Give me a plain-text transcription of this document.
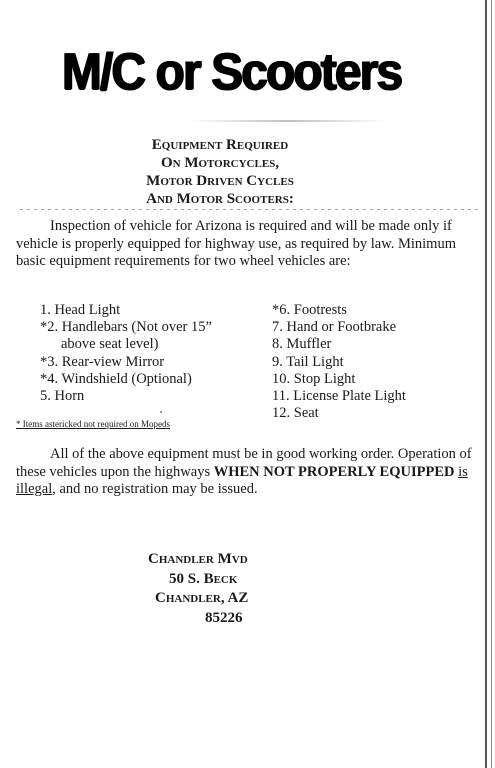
M/C or Scooters
Equipment Required
On Motorcycles,
Motor Driven Cycles
And Motor Scooters:

Inspection of vehicle for Arizona is required and will be made only if vehicle is properly equipped for highway use, as required by law. Minimum basic equipment requirements for two wheel vehicles are:

1. Head Light
*2. Handlebars (Not over 15”
above seat level)
*3. Rear-view Mirror
*4. Windshield (Optional)
5. Horn
*6. Footrests
7. Hand or Footbrake
8. Muffler
9. Tail Light
10. Stop Light
11. License Plate Light
12. Seat
* Items astericked not required on Mopeds

All of the above equipment must be in good working order. Operation of these vehicles upon the highways WHEN NOT PROPERLY EQUIPPED is illegal, and no registration may be issued.

Chandler Mvd
50 S. Beck
Chandler, AZ
85226
